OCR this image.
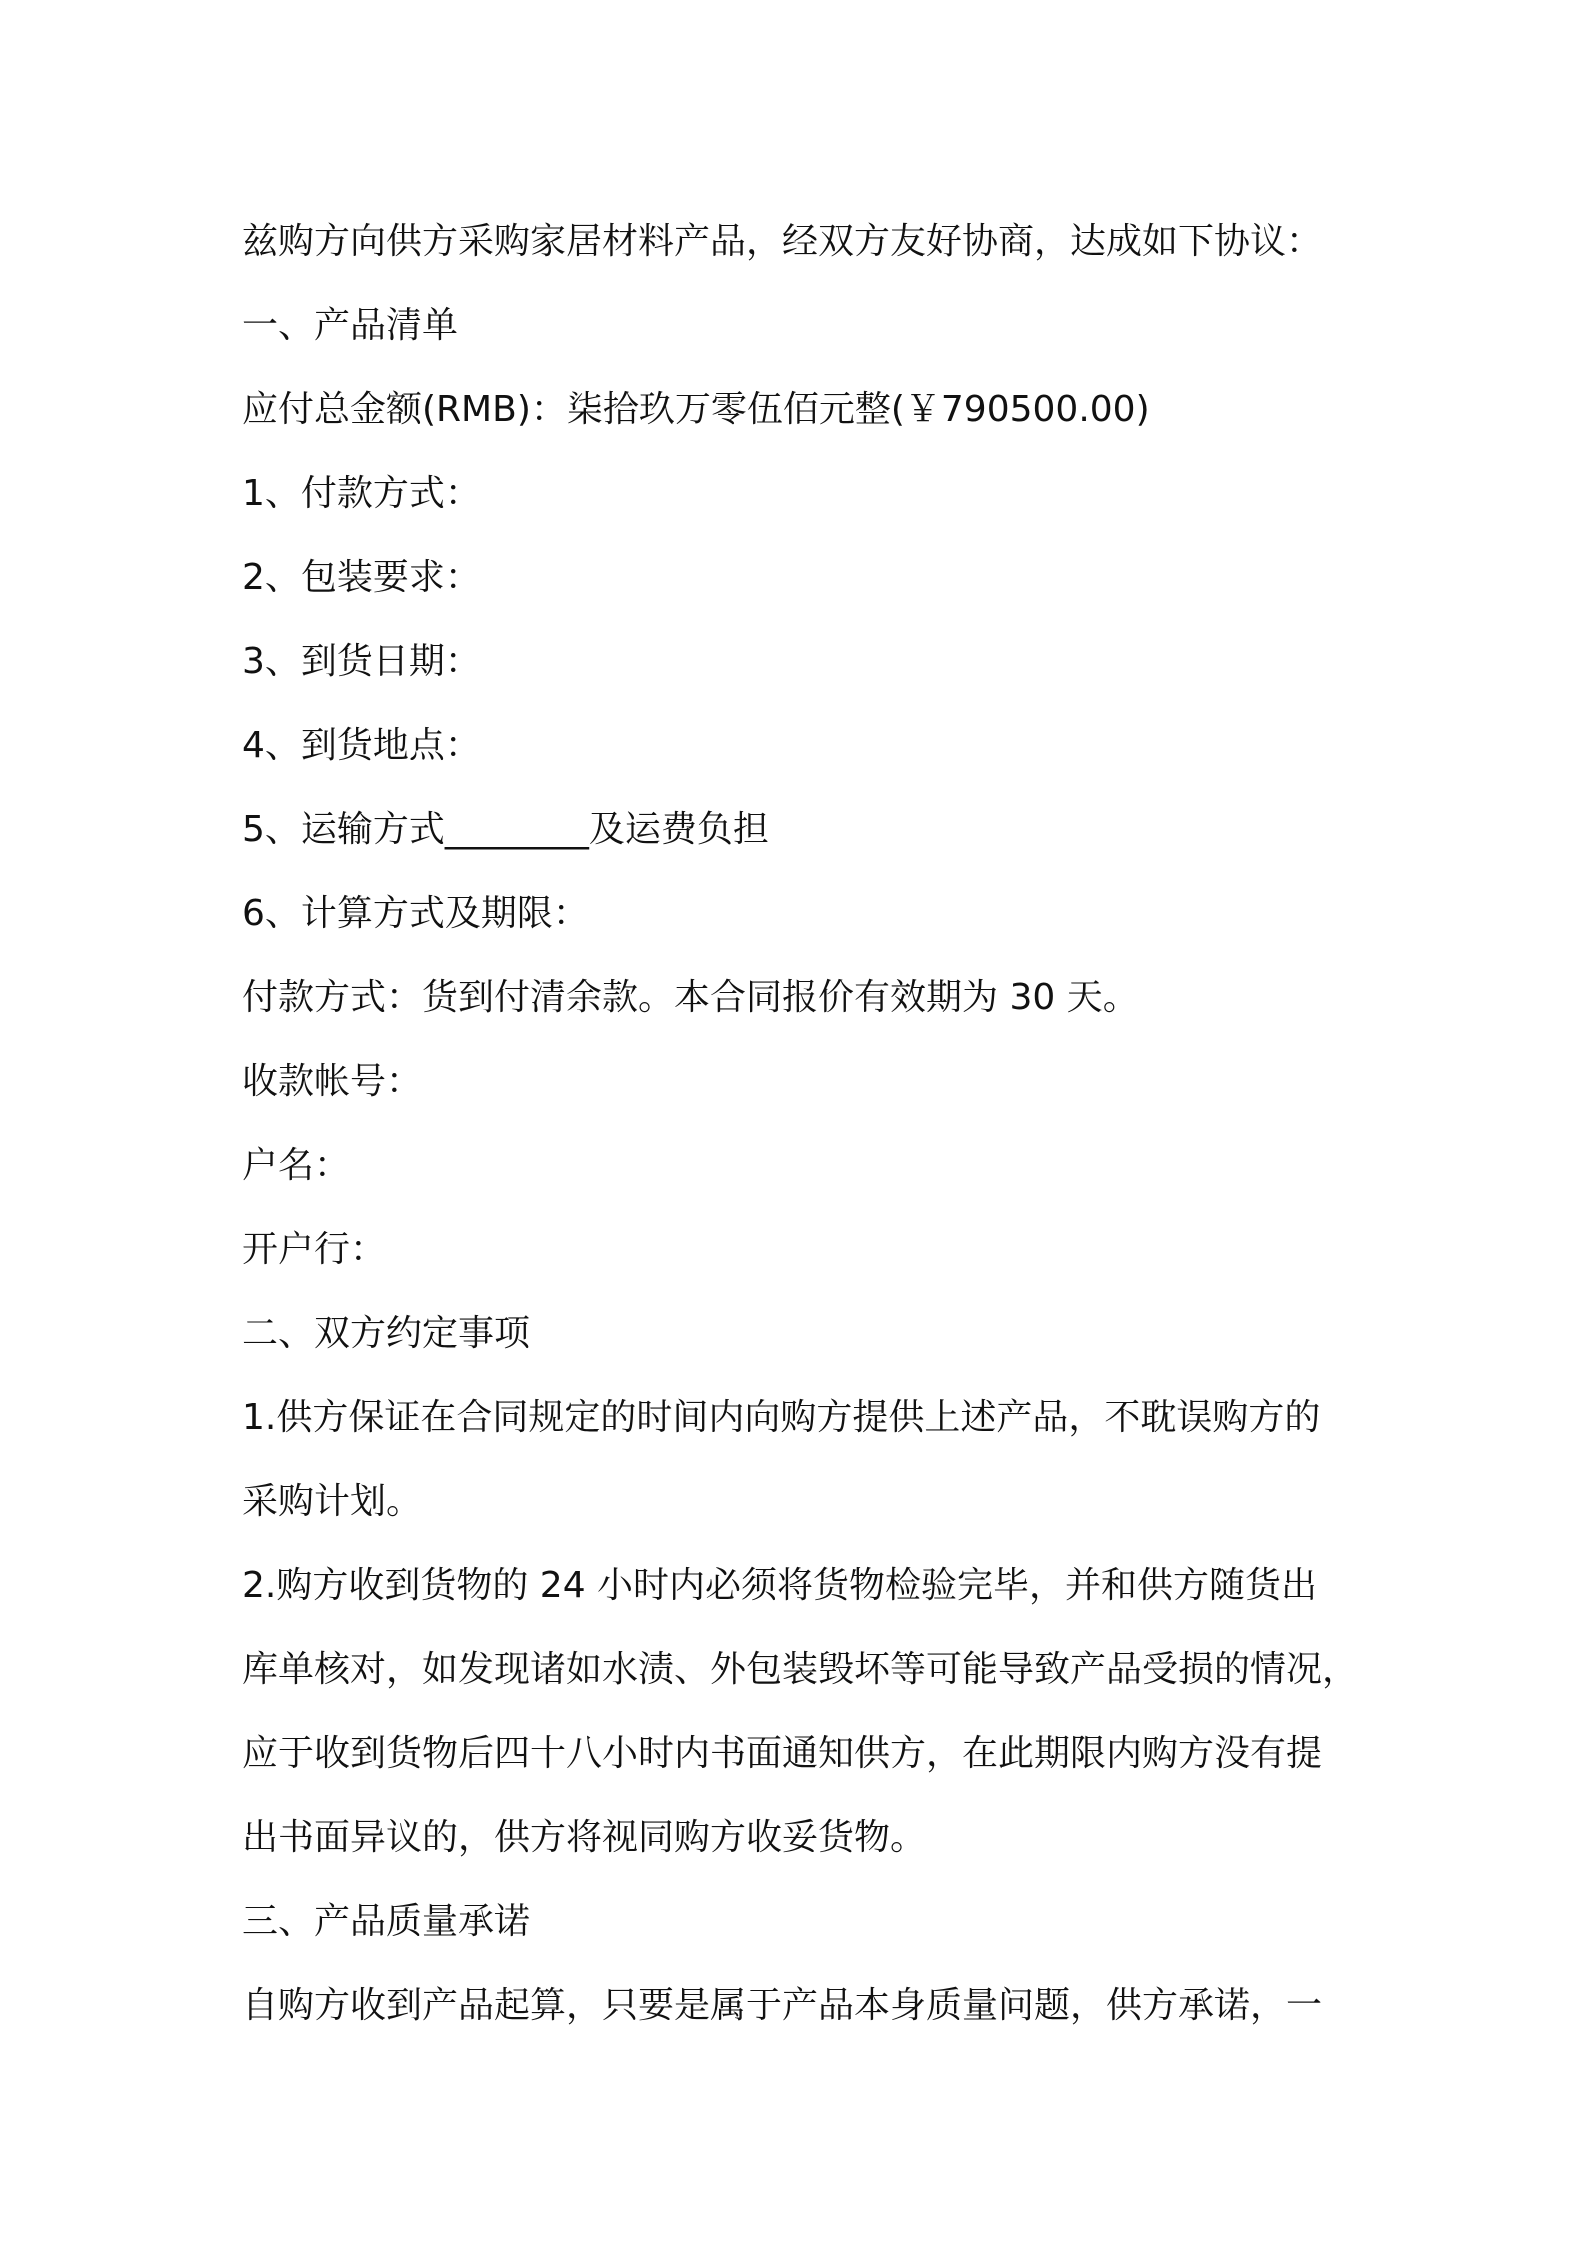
兹购方向供方采购家居材料产品，经双方友好协商，达成如下协议：
一、产品清单
应付总金额(RMB)：柒拾玖万零伍佰元整(￥790500.00)
1、付款方式：
2、包装要求：
3、到货日期：
4、到货地点：
5、运输方式________及运费负担
6、计算方式及期限：
付款方式：货到付清余款。本合同报价有效期为 30 天。
收款帐号：
户名：
开户行：
二、双方约定事项
1.供方保证在合同规定的时间内向购方提供上述产品，不耽误购方的
采购计划。
2.购方收到货物的 24 小时内必须将货物检验完毕，并和供方随货出
库单核对，如发现诸如水渍、外包装毁坏等可能导致产品受损的情况，
应于收到货物后四十八小时内书面通知供方，在此期限内购方没有提
出书面异议的，供方将视同购方收妥货物。
三、产品质量承诺
自购方收到产品起算，只要是属于产品本身质量问题，供方承诺，一
